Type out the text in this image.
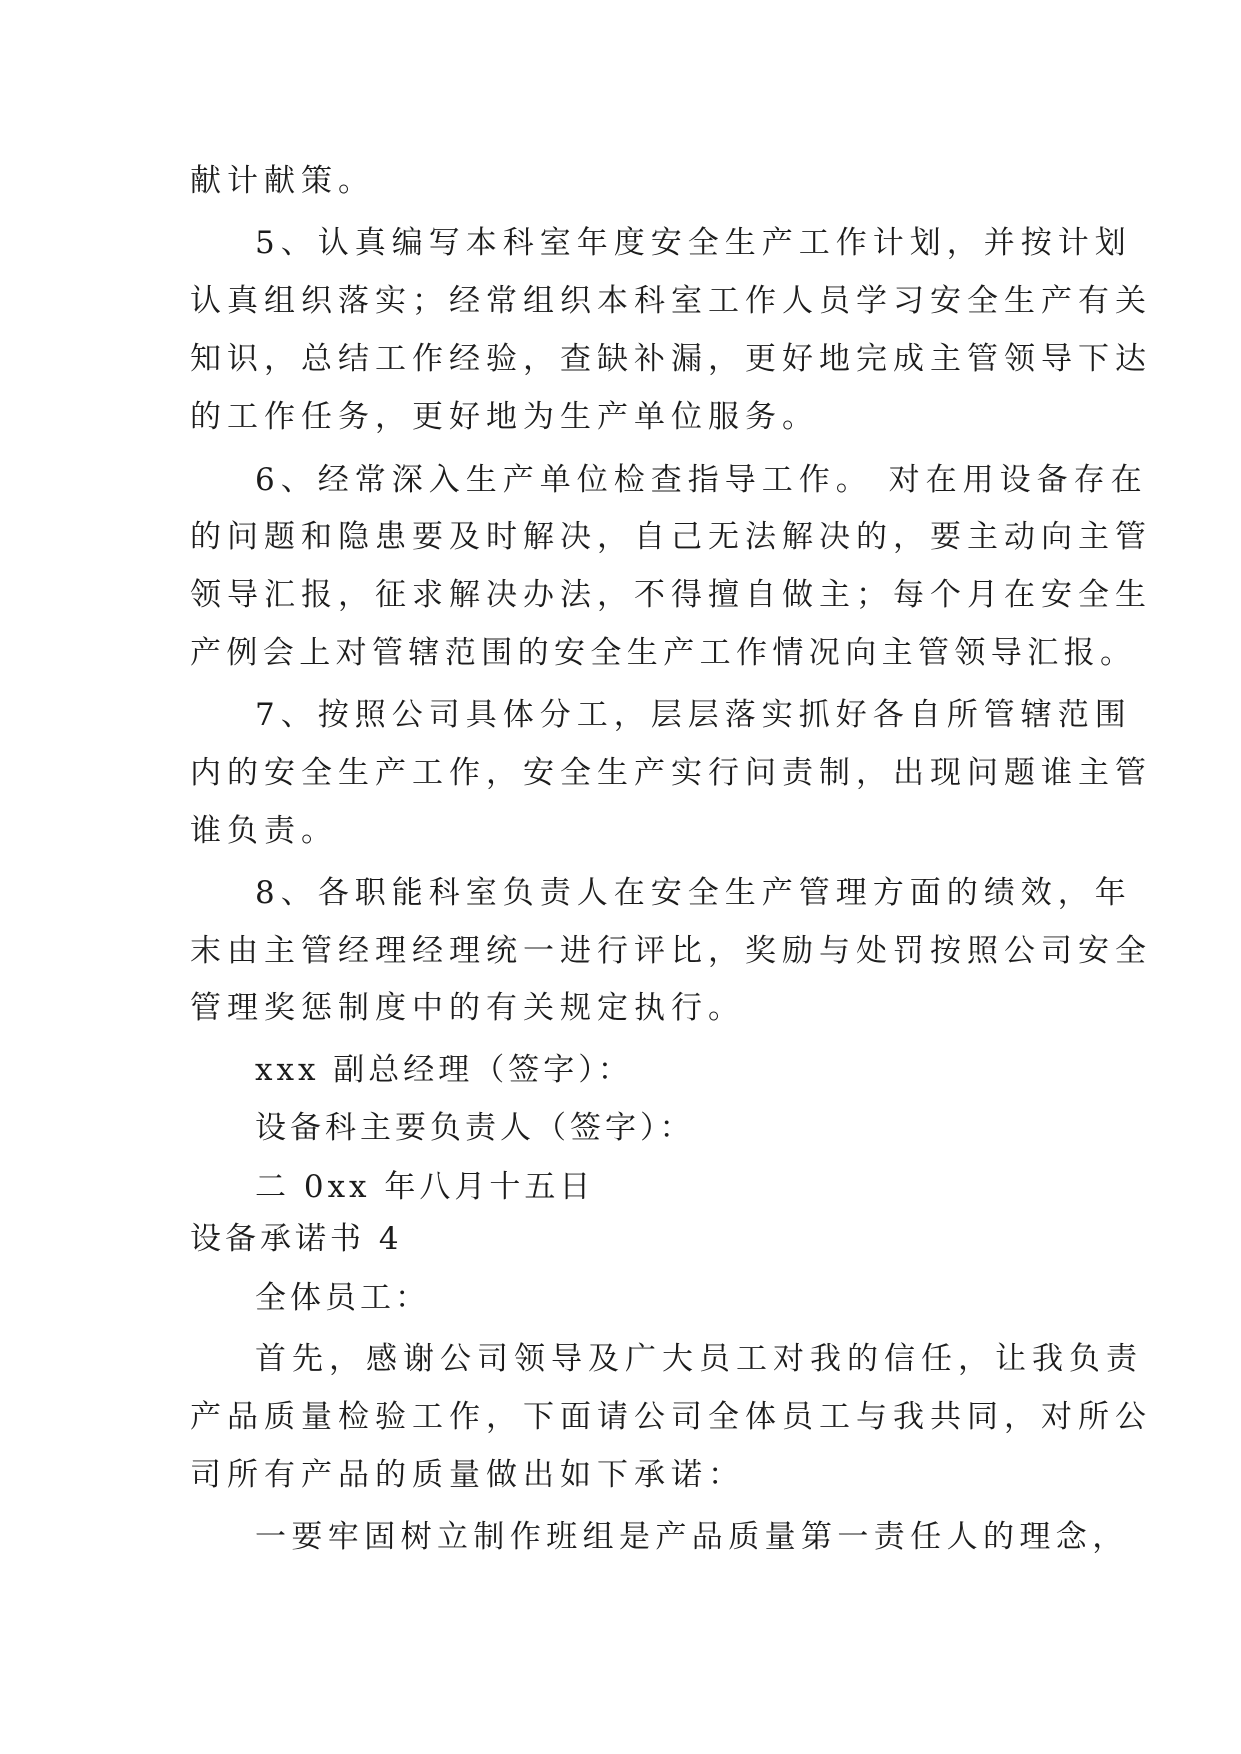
献计献策。
5、认真编写本科室年度安全生产工作计划，并按计划
认真组织落实；经常组织本科室工作人员学习安全生产有关
知识，总结工作经验，查缺补漏，更好地完成主管领导下达
的工作任务，更好地为生产单位服务。
6、经常深入生产单位检查指导工作。 对在用设备存在
的问题和隐患要及时解决，自己无法解决的，要主动向主管
领导汇报，征求解决办法，不得擅自做主；每个月在安全生
产例会上对管辖范围的安全生产工作情况向主管领导汇报。
7、按照公司具体分工，层层落实抓好各自所管辖范围
内的安全生产工作，安全生产实行问责制，出现问题谁主管
谁负责。
8、各职能科室负责人在安全生产管理方面的绩效，年
末由主管经理经理统一进行评比，奖励与处罚按照公司安全
管理奖惩制度中的有关规定执行。
xxx 副总经理（签字）：
设备科主要负责人（签字）：
二 0xx 年八月十五日
设备承诺书 4
全体员工：
首先，感谢公司领导及广大员工对我的信任，让我负责
产品质量检验工作，下面请公司全体员工与我共同，对所公
司所有产品的质量做出如下承诺：
一要牢固树立制作班组是产品质量第一责任人的理念，
